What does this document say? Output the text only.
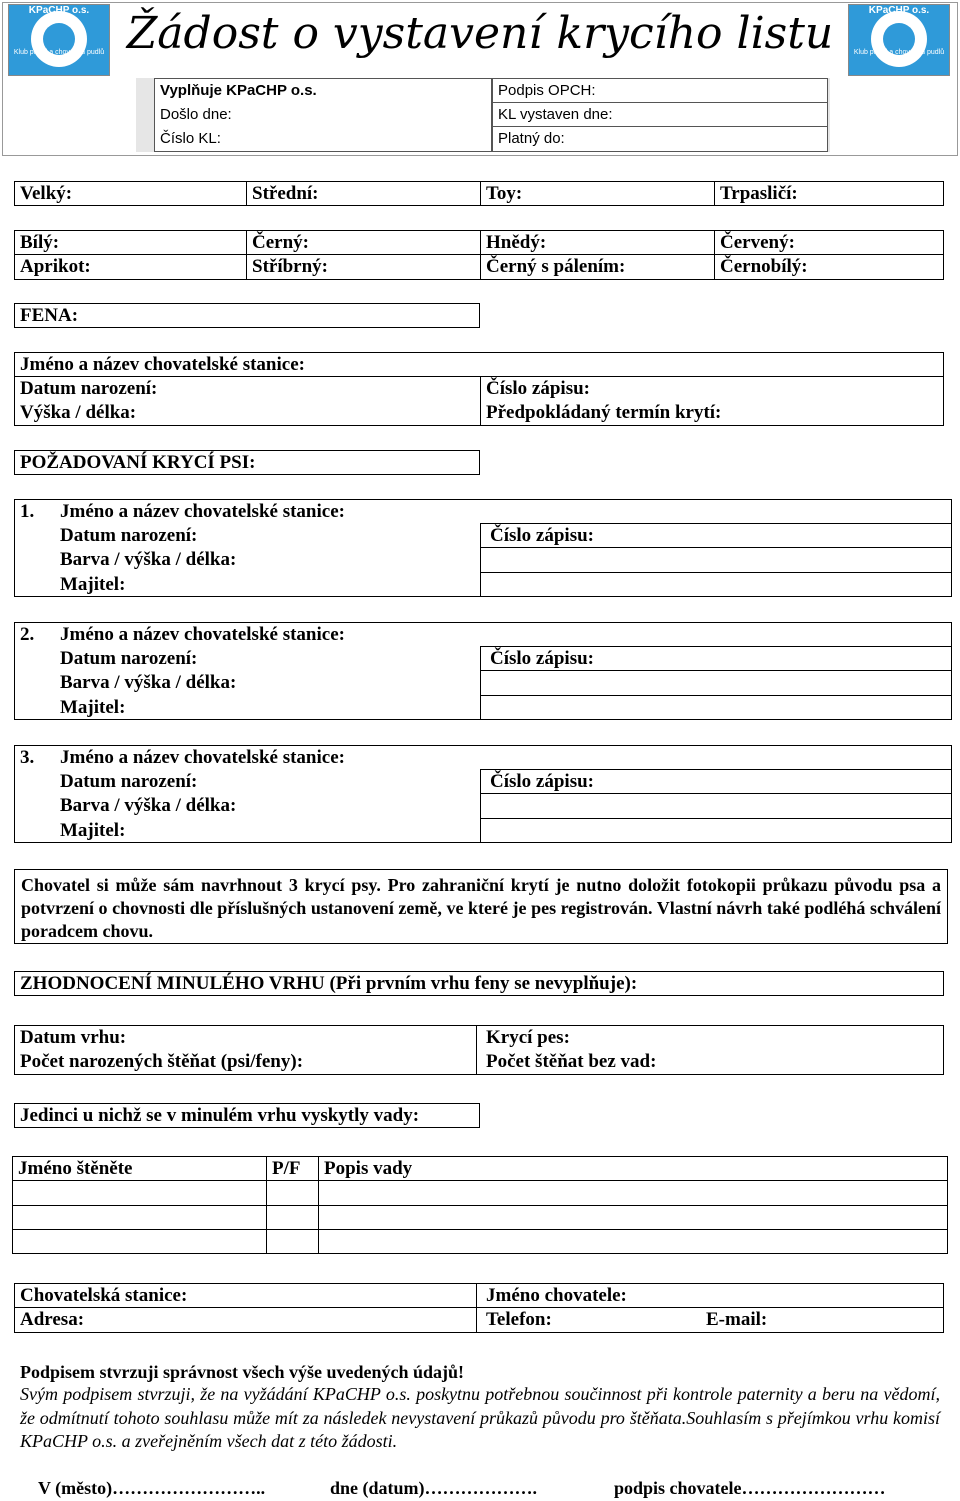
KPaCHP o.s.
Klub přátel a chovatelů pudlů Žádost o vystavení krycího listu	KPaCHP o.s.
Klub přátel a chovatelů pudlů
Vyplňuje KPaCHP o.s.
Došlo dne:
Číslo KL:
Podpis OPCH:
KL vystaven dne:
Platný do:
Velký:	Střední:	Toy:	Trpasličí:
Bílý:	Černý:	Hnědý:	Červený:
Aprikot:	Stříbrný:	Černý s pálením:	Černobílý:
FENA:
Jméno a název chovatelské stanice:
Datum narození:
Výška / délka:
Číslo zápisu:
Předpokládaný termín krytí:
POŽADOVANÍ KRYCÍ PSI:
1.	Jméno a název chovatelské stanice:
Datum narození:
Barva / výška / délka:
Majitel:
Číslo zápisu:
2.	Jméno a název chovatelské stanice:
Datum narození:
Barva / výška / délka:
Majitel:
Číslo zápisu:
3.	Jméno a název chovatelské stanice:
Datum narození:
Barva / výška / délka:
Majitel:
Číslo zápisu:
Chovatel si může sám navrhnout 3 krycí psy. Pro zahraniční krytí je nutno doložit fotokopii průkazu původu psa a potvrzení o chovnosti dle příslušných ustanovení země, ve které je pes registrován. Vlastní návrh také podléhá schválení poradcem chovu.
ZHODNOCENÍ MINULÉHO VRHU (Při prvním vrhu feny se nevyplňuje):
Datum vrhu:
Počet narozených štěňat (psi/feny):
Krycí pes:
Počet štěňat bez vad:
Jedinci u nichž se v minulém vrhu vyskytly vady:
Jméno štěněte	P/F	Popis vady
Chovatelská stanice:
Adresa:
Jméno chovatele:
Telefon:	E-mail:
Podpisem stvrzuji správnost všech výše uvedených údajů!
Svým podpisem stvrzuji, že na vyžádání KPaCHP o.s. poskytnu potřebnou součinnost při kontrole paternity a beru na vědomí, že odmítnutí tohoto souhlasu může mít za následek nevystavení průkazů původu pro štěňata.Souhlasím s přejímkou vrhu komisí KPaCHP o.s. a zveřejněním všech dat z této žádosti.
V (město)……………………..	dne (datum)……………….	podpis chovatele……………………
